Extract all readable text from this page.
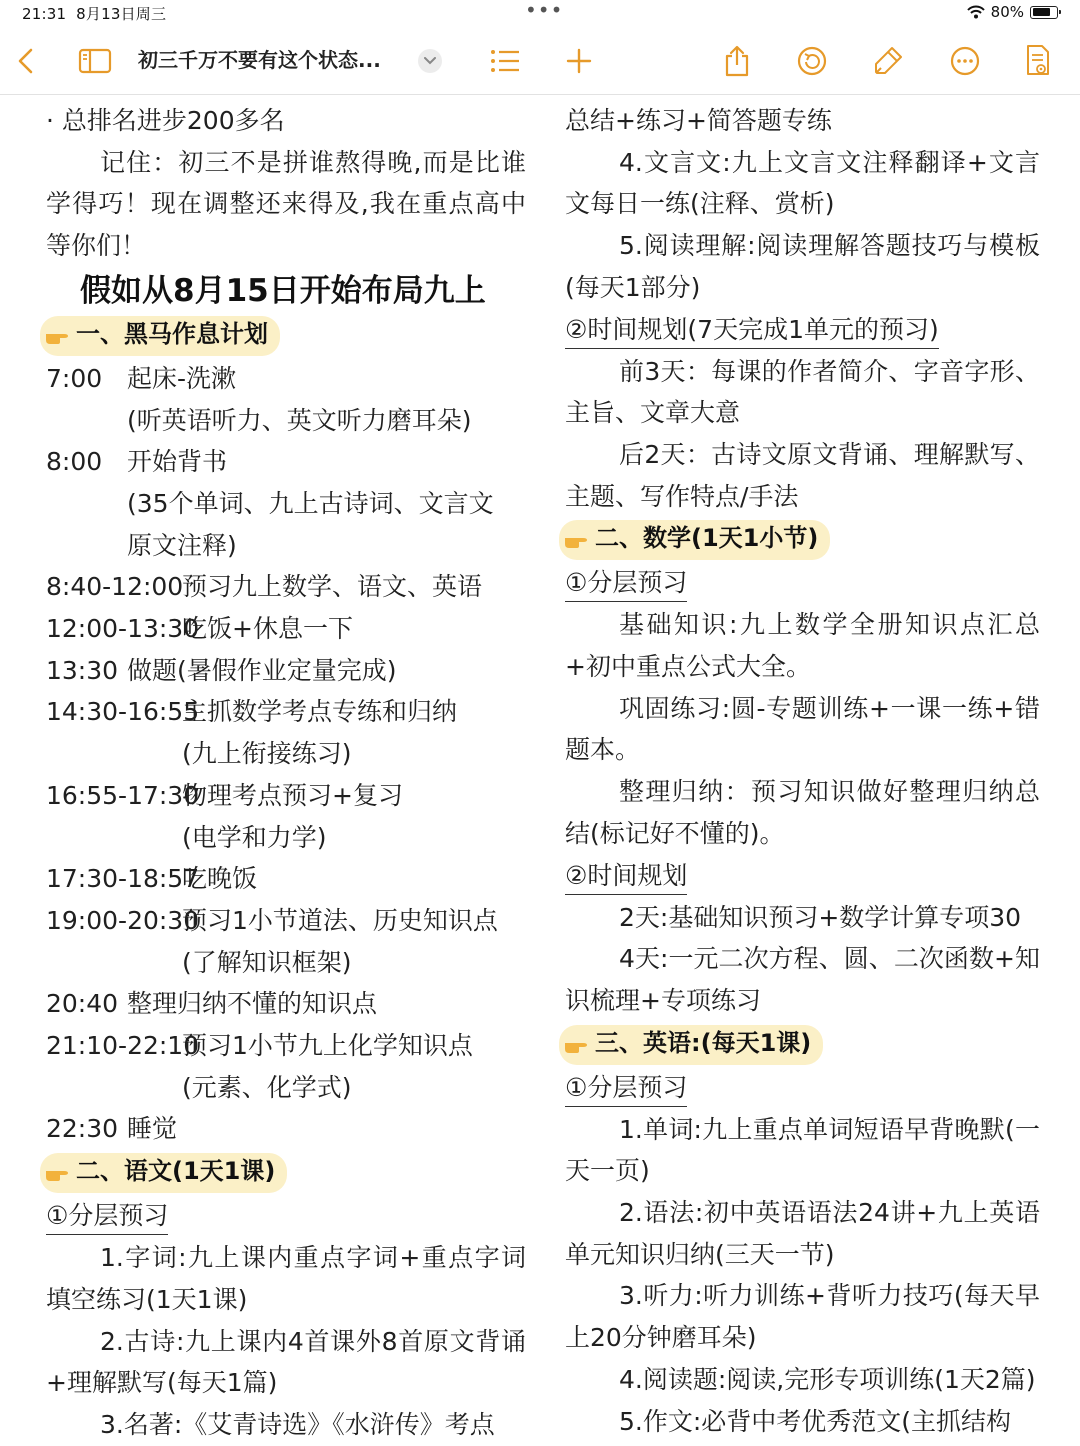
21:31 8月13日周三	•••	80%
初三千万不要有这个状态...

· 总排名进步200多名

记住：初三不是拼谁熬得晚,而是比谁学得巧！现在调整还来得及,我在重点高中等你们！

假如从8月15日开始布局九上

一、黑马作息计划
7:00 起床-洗漱
(听英语听力、英文听力磨耳朵)
8:00 开始背书
(35个单词、九上古诗词、文言文
原文注释)
8:40-12:00
预习九上数学、语文、英语
12:00-13:30
吃饭+休息一下
13:30 做题(暑假作业定量完成)
14:30-16:55
主抓数学考点专练和归纳
(九上衔接练习)
16:55-17:30
物理考点预习+复习
(电学和力学)
17:30-18:57
吃晚饭
19:00-20:30
预习1小节道法、历史知识点
(了解知识框架)
20:40 整理归纳不懂的知识点
21:10-22:10
预习1小节九上化学知识点
(元素、化学式)
22:30 睡觉
二、语文(1天1课)
①分层预习

1.字词:九上课内重点字词+重点字词填空练习(1天1课)

2.古诗:九上课内4首课外8首原文背诵+理解默写(每天1篇)

3.名著:《艾青诗选》《水浒传》考点

总结+练习+简答题专练

4.文言文:九上文言文注释翻译+文言文每日一练(注释、赏析)

5.阅读理解:阅读理解答题技巧与模板(每天1部分)

②时间规划(7天完成1单元的预习)

前3天：每课的作者简介、字音字形、主旨、文章大意

后2天：古诗文原文背诵、理解默写、主题、写作特点/手法

二、数学(1天1小节)
①分层预习

基础知识:九上数学全册知识点汇总+初中重点公式大全。

巩固练习:圆-专题训练+一课一练+错题本。

整理归纳：预习知识做好整理归纳总结(标记好不懂的)。

②时间规划

2天:基础知识预习+数学计算专项30

4天:一元二次方程、圆、二次函数+知识梳理+专项练习

三、英语:(每天1课)
①分层预习

1.单词:九上重点单词短语早背晚默(一天一页)

2.语法:初中英语语法24讲+九上英语单元知识归纳(三天一节)

3.听力:听力训练+背听力技巧(每天早上20分钟磨耳朵)

4.阅读题:阅读,完形专项训练(1天2篇)

5.作文:必背中考优秀范文(主抓结构
